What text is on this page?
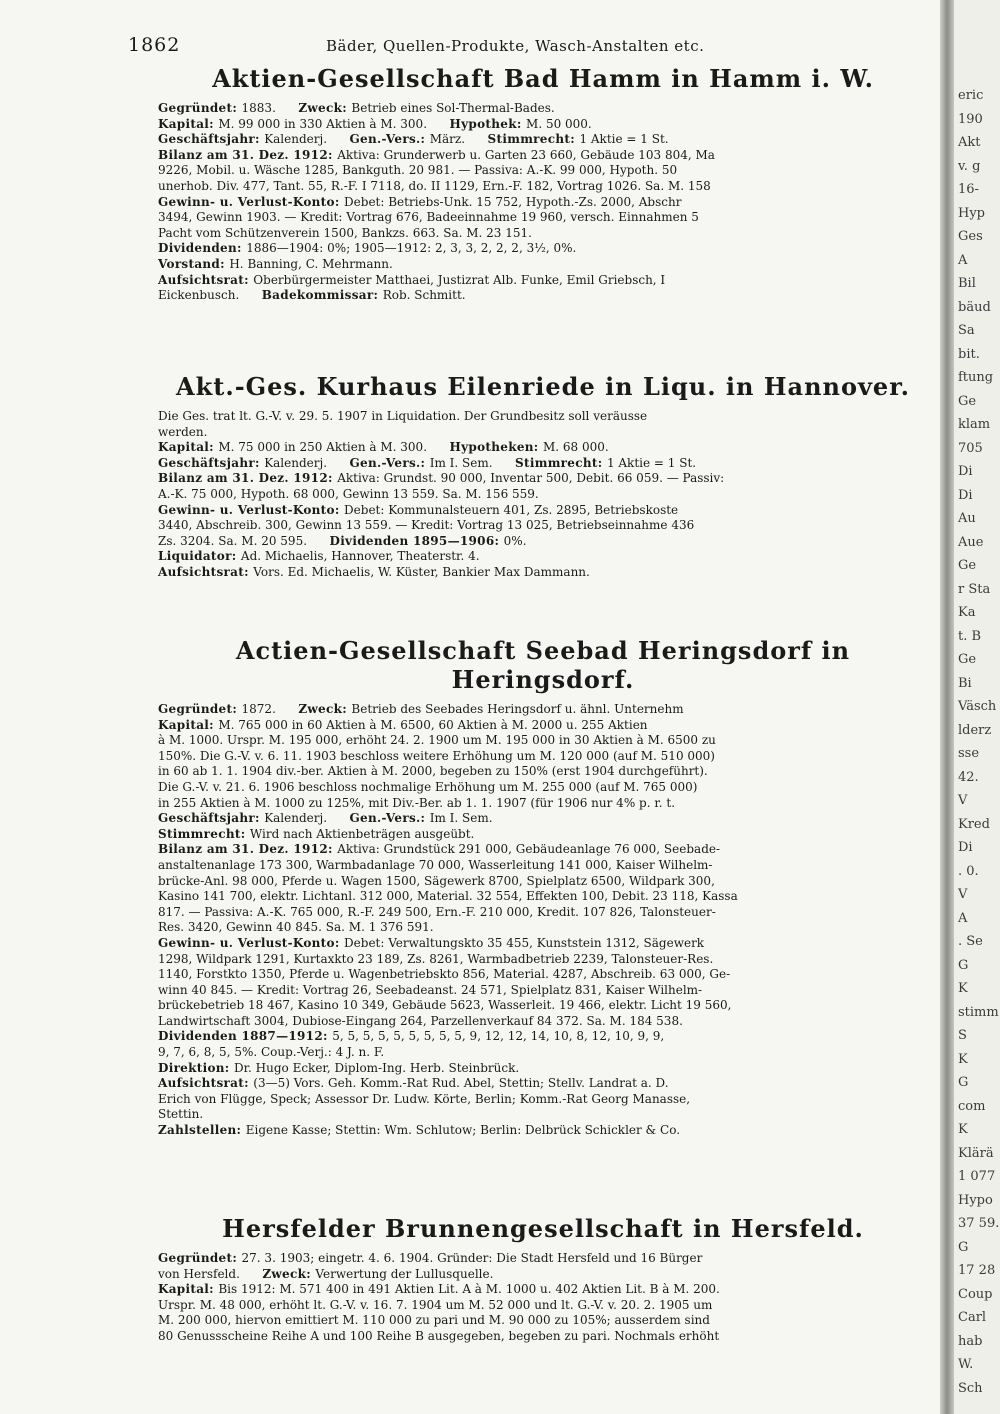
1862	Bäder, Quellen-Produkte, Wasch-Anstalten etc.
Aktien-Gesellschaft Bad Hamm in Hamm i. W.

Gegründet: 1883. Zweck: Betrieb eines Sol-Thermal-Bades.

Kapital: M. 99 000 in 330 Aktien à M. 300. Hypothek: M. 50 000.

Geschäftsjahr: Kalenderj. Gen.-Vers.: März. Stimmrecht: 1 Aktie = 1 St.

Bilanz am 31. Dez. 1912: Aktiva: Grunderwerb u. Garten 23 660, Gebäude 103 804, Ma

9226, Mobil. u. Wäsche 1285, Bankguth. 20 981. — Passiva: A.-K. 99 000, Hypoth. 50

unerhob. Div. 477, Tant. 55, R.-F. I 7118, do. II 1129, Ern.-F. 182, Vortrag 1026. Sa. M. 158

Gewinn- u. Verlust-Konto: Debet: Betriebs-Unk. 15 752, Hypoth.-Zs. 2000, Abschr

3494, Gewinn 1903. — Kredit: Vortrag 676, Badeeinnahme 19 960, versch. Einnahmen 5

Pacht vom Schützenverein 1500, Bankzs. 663. Sa. M. 23 151.

Dividenden: 1886—1904: 0%; 1905—1912: 2, 3, 3, 2, 2, 2, 3½, 0%.

Vorstand: H. Banning, C. Mehrmann.

Aufsichtsrat: Oberbürgermeister Matthaei, Justizrat Alb. Funke, Emil Griebsch, I

Eickenbusch. Badekommissar: Rob. Schmitt.

Akt.-Ges. Kurhaus Eilenriede in Liqu. in Hannover.

Die Ges. trat lt. G.-V. v. 29. 5. 1907 in Liquidation. Der Grundbesitz soll veräusse

werden.

Kapital: M. 75 000 in 250 Aktien à M. 300. Hypotheken: M. 68 000.

Geschäftsjahr: Kalenderj. Gen.-Vers.: Im I. Sem. Stimmrecht: 1 Aktie = 1 St.

Bilanz am 31. Dez. 1912: Aktiva: Grundst. 90 000, Inventar 500, Debit. 66 059. — Passiv:

A.-K. 75 000, Hypoth. 68 000, Gewinn 13 559. Sa. M. 156 559.

Gewinn- u. Verlust-Konto: Debet: Kommunalsteuern 401, Zs. 2895, Betriebskoste

3440, Abschreib. 300, Gewinn 13 559. — Kredit: Vortrag 13 025, Betriebseinnahme 436

Zs. 3204. Sa. M. 20 595. Dividenden 1895—1906: 0%.

Liquidator: Ad. Michaelis, Hannover, Theaterstr. 4.

Aufsichtsrat: Vors. Ed. Michaelis, W. Küster, Bankier Max Dammann.

Actien-Gesellschaft Seebad Heringsdorf in Heringsdorf.

Gegründet: 1872. Zweck: Betrieb des Seebades Heringsdorf u. ähnl. Unternehm

Kapital: M. 765 000 in 60 Aktien à M. 6500, 60 Aktien à M. 2000 u. 255 Aktien

à M. 1000. Urspr. M. 195 000, erhöht 24. 2. 1900 um M. 195 000 in 30 Aktien à M. 6500 zu

150%. Die G.-V. v. 6. 11. 1903 beschloss weitere Erhöhung um M. 120 000 (auf M. 510 000)

in 60 ab 1. 1. 1904 div.-ber. Aktien à M. 2000, begeben zu 150% (erst 1904 durchgeführt).

Die G.-V. v. 21. 6. 1906 beschloss nochmalige Erhöhung um M. 255 000 (auf M. 765 000)

in 255 Aktien à M. 1000 zu 125%, mit Div.-Ber. ab 1. 1. 1907 (für 1906 nur 4% p. r. t.

Geschäftsjahr: Kalenderj. Gen.-Vers.: Im I. Sem.

Stimmrecht: Wird nach Aktienbeträgen ausgeübt.

Bilanz am 31. Dez. 1912: Aktiva: Grundstück 291 000, Gebäudeanlage 76 000, Seebade-

anstaltenanlage 173 300, Warmbadanlage 70 000, Wasserleitung 141 000, Kaiser Wilhelm-

brücke-Anl. 98 000, Pferde u. Wagen 1500, Sägewerk 8700, Spielplatz 6500, Wildpark 300,

Kasino 141 700, elektr. Lichtanl. 312 000, Material. 32 554, Effekten 100, Debit. 23 118, Kassa

817. — Passiva: A.-K. 765 000, R.-F. 249 500, Ern.-F. 210 000, Kredit. 107 826, Talonsteuer-

Res. 3420, Gewinn 40 845. Sa. M. 1 376 591.

Gewinn- u. Verlust-Konto: Debet: Verwaltungskto 35 455, Kunststein 1312, Sägewerk

1298, Wildpark 1291, Kurtaxkto 23 189, Zs. 8261, Warmbadbetrieb 2239, Talonsteuer-Res.

1140, Forstkto 1350, Pferde u. Wagenbetriebskto 856, Material. 4287, Abschreib. 63 000, Ge-

winn 40 845. — Kredit: Vortrag 26, Seebadeanst. 24 571, Spielplatz 831, Kaiser Wilhelm-

brückebetrieb 18 467, Kasino 10 349, Gebäude 5623, Wasserleit. 19 466, elektr. Licht 19 560,

Landwirtschaft 3004, Dubiose-Eingang 264, Parzellenverkauf 84 372. Sa. M. 184 538.

Dividenden 1887—1912: 5, 5, 5, 5, 5, 5, 5, 5, 5, 9, 12, 12, 14, 10, 8, 12, 10, 9, 9,

9, 7, 6, 8, 5, 5%. Coup.-Verj.: 4 J. n. F.

Direktion: Dr. Hugo Ecker, Diplom-Ing. Herb. Steinbrück.

Aufsichtsrat: (3—5) Vors. Geh. Komm.-Rat Rud. Abel, Stettin; Stellv. Landrat a. D.

Erich von Flügge, Speck; Assessor Dr. Ludw. Körte, Berlin; Komm.-Rat Georg Manasse,

Stettin.

Zahlstellen: Eigene Kasse; Stettin: Wm. Schlutow; Berlin: Delbrück Schickler & Co.

Hersfelder Brunnengesellschaft in Hersfeld.

Gegründet: 27. 3. 1903; eingetr. 4. 6. 1904. Gründer: Die Stadt Hersfeld und 16 Bürger

von Hersfeld. Zweck: Verwertung der Lullusquelle.

Kapital: Bis 1912: M. 571 400 in 491 Aktien Lit. A à M. 1000 u. 402 Aktien Lit. B à M. 200.

Urspr. M. 48 000, erhöht lt. G.-V. v. 16. 7. 1904 um M. 52 000 und lt. G.-V. v. 20. 2. 1905 um

M. 200 000, hiervon emittiert M. 110 000 zu pari und M. 90 000 zu 105%; ausserdem sind

80 Genussscheine Reihe A und 100 Reihe B ausgegeben, begeben zu pari. Nochmals erhöht

eric
190
Akt
v. g
16-
Hyp
Ges
A
Bil
bäud
Sa
bit.
ftung
Ge
klam
705
Di
Di
Au
Aue
Ge
r Sta
Ka
t. B
Ge
Bi
Väsch
lderz
sse
42.
V
Kred
Di
. 0.
V
A
. Se
G
K
stimm
S
K
G
com
K
Klärä
1 077
Hypo
37 59.
G
17 28
Coup
Carl
hab
W.
Sch
